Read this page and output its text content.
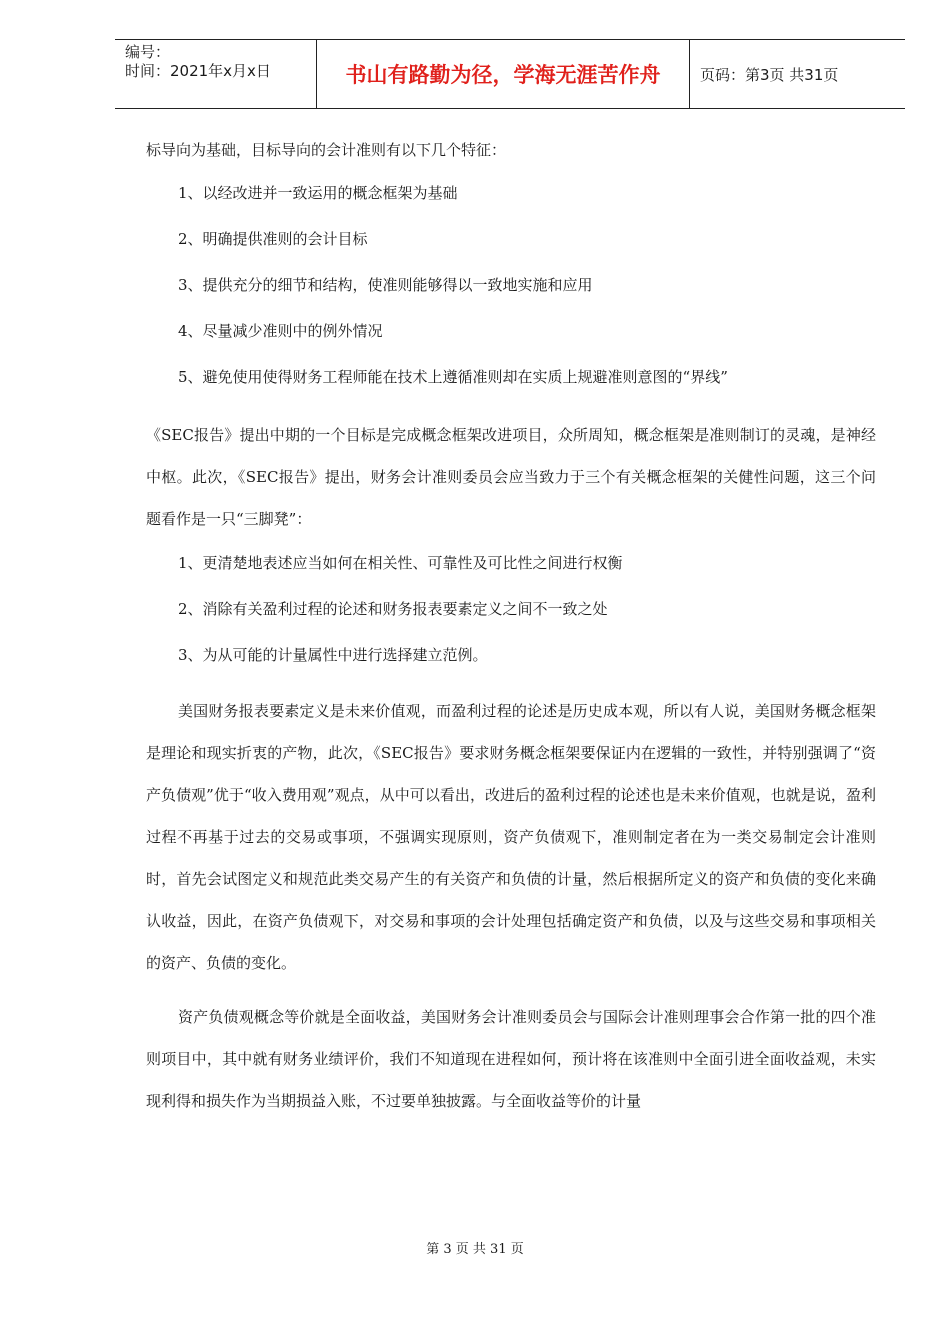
编号：
时间：2021年x月x日	书山有路勤为径，学海无涯苦作舟	页码：第3页 共31页
标导向为基础，目标导向的会计准则有以下几个特征：
1、以经改进并一致运用的概念框架为基础
2、明确提供准则的会计目标
3、提供充分的细节和结构，使准则能够得以一致地实施和应用
4、尽量减少准则中的例外情况
5、避免使用使得财务工程师能在技术上遵循准则却在实质上规避准则意图的“界线”

《SEC报告》提出中期的一个目标是完成概念框架改进项目，众所周知，概念框架是准则制订的灵魂，是神经中枢。此次，《SEC报告》提出，财务会计准则委员会应当致力于三个有关概念框架的关健性问题，这三个问题看作是一只“三脚凳”：

1、更清楚地表述应当如何在相关性、可靠性及可比性之间进行权衡
2、消除有关盈利过程的论述和财务报表要素定义之间不一致之处
3、为从可能的计量属性中进行选择建立范例。

美国财务报表要素定义是未来价值观，而盈利过程的论述是历史成本观，所以有人说，美国财务概念框架是理论和现实折衷的产物，此次，《SEC报告》要求财务概念框架要保证内在逻辑的一致性，并特别强调了“资产负债观”优于“收入费用观”观点，从中可以看出，改进后的盈利过程的论述也是未来价值观，也就是说，盈利过程不再基于过去的交易或事项，不强调实现原则，资产负债观下，准则制定者在为一类交易制定会计准则时，首先会试图定义和规范此类交易产生的有关资产和负债的计量，然后根据所定义的资产和负债的变化来确认收益，因此，在资产负债观下，对交易和事项的会计处理包括确定资产和负债，以及与这些交易和事项相关的资产、负债的变化。

资产负债观概念等价就是全面收益，美国财务会计准则委员会与国际会计准则理事会合作第一批的四个准则项目中，其中就有财务业绩评价，我们不知道现在进程如何，预计将在该准则中全面引进全面收益观，未实现利得和损失作为当期损益入账，不过要单独披露。与全面收益等价的计量

第 3 页 共 31 页
